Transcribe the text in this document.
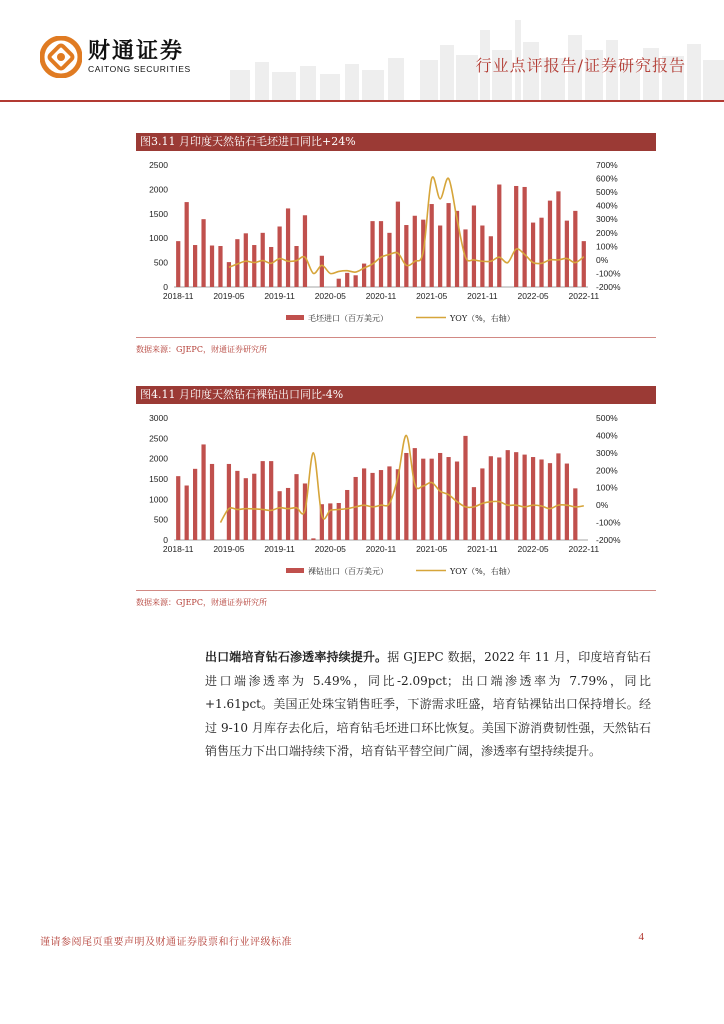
财通证券
CAITONG SECURITIES	行业点评报告/证券研究报告
图3.11 月印度天然钻石毛坯进口同比+24%
0
500
1000
1500
2000
2500
-200%
-100%
0%
100%
200%
300%
400%
500%
600%
700%
2018-11 2019-05 2019-11 2020-05 2020-11 2021-05 2021-11 2022-05 2022-11
毛坯进口（百万美元）	YOY（%，右轴）
数据来源：GJEPC，财通证券研究所
图4.11 月印度天然钻石裸钻出口同比-4%
0
500
1000
1500
2000
2500
3000
-200%
-100%
0%
100%
200%
300%
400%
500%
2018-11 2019-05 2019-11 2020-05 2020-11 2021-05 2021-11 2022-05 2022-11
裸钻出口（百万美元）	YOY（%，右轴）
数据来源：GJEPC，财通证券研究所
出口端培育钻石渗透率持续提升。据 GJEPC 数据，2022 年 11 月，印度培育钻石进口端渗透率为 5.49%，同比-2.09pct；出口端渗透率为 7.79%，同比+1.61pct。美国正处珠宝销售旺季，下游需求旺盛，培育钻裸钻出口保持增长。经过 9-10 月库存去化后，培育钻毛坯进口环比恢复。美国下游消费韧性强，天然钻石销售压力下出口端持续下滑，培育钻平替空间广阔，渗透率有望持续提升。
谨请参阅尾页重要声明及财通证券股票和行业评级标准	4
